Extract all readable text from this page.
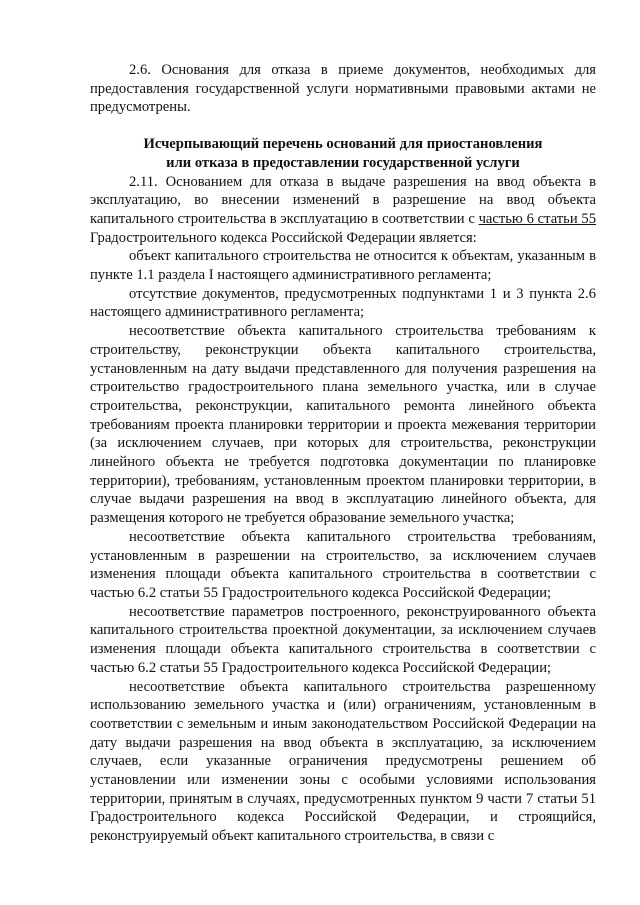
2.6. Основания для отказа в приеме документов, необходимых для предоставления государственной услуги нормативными правовыми актами не предусмотрены.

Исчерпывающий перечень оснований для приостановления
или отказа в предоставлении государственной услуги

2.11. Основанием для отказа в выдаче разрешения на ввод объекта в эксплуатацию, во внесении изменений в разрешение на ввод объекта капитального строительства в эксплуатацию в соответствии с частью 6 статьи 55 Градостроительного кодекса Российской Федерации является:

объект капитального строительства не относится к объектам, указанным в пункте 1.1 раздела I настоящего административного регламента;

отсутствие документов, предусмотренных подпунктами 1 и 3 пункта 2.6 настоящего административного регламента;

несоответствие объекта капитального строительства требованиям к строительству, реконструкции объекта капитального строительства, установленным на дату выдачи представленного для получения разрешения на строительство градостроительного плана земельного участка, или в случае строительства, реконструкции, капитального ремонта линейного объекта требованиям проекта планировки территории и проекта межевания территории (за исключением случаев, при которых для строительства, реконструкции линейного объекта не требуется подготовка документации по планировке территории), требованиям, установленным проектом планировки территории, в случае выдачи разрешения на ввод в эксплуатацию линейного объекта, для размещения которого не требуется образование земельного участка;

несоответствие объекта капитального строительства требованиям, установленным в разрешении на строительство, за исключением случаев изменения площади объекта капитального строительства в соответствии с частью 6.2 статьи 55 Градостроительного кодекса Российской Федерации;

несоответствие параметров построенного, реконструированного объекта капитального строительства проектной документации, за исключением случаев изменения площади объекта капитального строительства в соответствии с частью 6.2 статьи 55 Градостроительного кодекса Российской Федерации;

несоответствие объекта капитального строительства разрешенному использованию земельного участка и (или) ограничениям, установленным в соответствии с земельным и иным законодательством Российской Федерации на дату выдачи разрешения на ввод объекта в эксплуатацию, за исключением случаев, если указанные ограничения предусмотрены решением об установлении или изменении зоны с особыми условиями использования территории, принятым в случаях, предусмотренных пунктом 9 части 7 статьи 51 Градостроительного кодекса Российской Федерации, и строящийся, реконструируемый объект капитального строительства, в связи с
